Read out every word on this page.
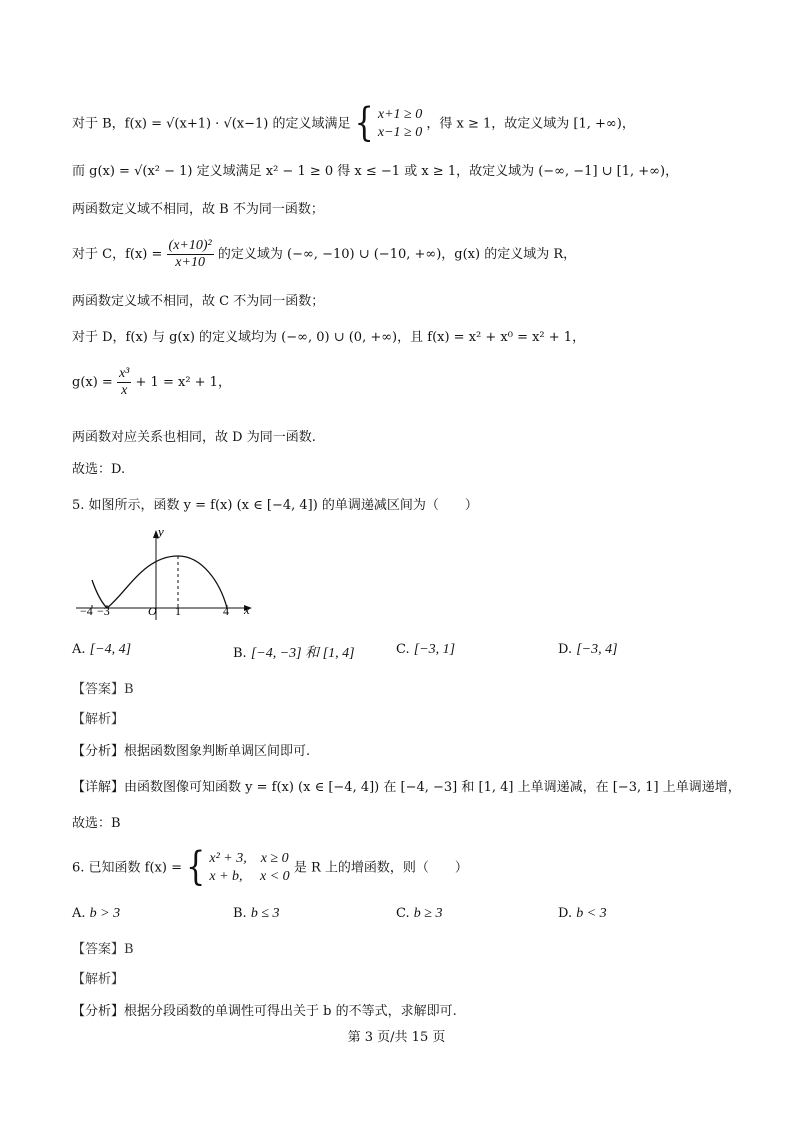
对于 B，f(x) = √(x+1) · √(x−1) 的定义域满足 { x+1 ≥ 0
x−1 ≥ 0
，得 x ≥ 1，故定义域为 [1, +∞)，
而 g(x) = √(x² − 1) 定义域满足 x² − 1 ≥ 0 得 x ≤ −1 或 x ≥ 1，故定义域为 (−∞, −1] ∪ [1, +∞)，
两函数定义域不相同，故 B 不为同一函数；
对于 C，$f(x) = \frac{\text{(x+10)²}}{x+10}$ 的定义域为 (−∞, −10) ∪ (−10, +∞)，g(x) 的定义域为 R，
两函数定义域不相同，故 C 不为同一函数；
对于 D，f(x) 与 g(x) 的定义域均为 (−∞, 0) ∪ (0, +∞)，且 f(x) = x² + x⁰ = x² + 1，
$g(x) = \frac{\text{x³}}{x} + 1 = x^2 + 1$，
两函数对应关系也相同，故 D 为同一函数.
故选：D.
5. 如图所示，函数 y = f(x) (x ∈ [−4, 4]) 的单调递减区间为（　　）
y
x
O
−4 −3	1	4
A. [−4, 4]	B. [−4, −3] 和 [1, 4]	C. [−3, 1]	D. [−3, 4]
【答案】B
【解析】
【分析】根据函数图象判断单调区间即可.
【详解】由函数图像可知函数 y = f(x) (x ∈ [−4, 4]) 在 [−4, −3] 和 [1, 4] 上单调递减，在 [−3, 1] 上单调递增，
故选：B
6. 已知函数 f(x) = { x² + 3,　x ≥ 0
x + b,　 x < 0
是 R 上的增函数，则（　　）
A. b > 3	B. b ≤ 3	C. b ≥ 3	D. b < 3
【答案】B
【解析】
【分析】根据分段函数的单调性可得出关于 b 的不等式，求解即可.
第 3 页/共 15 页
